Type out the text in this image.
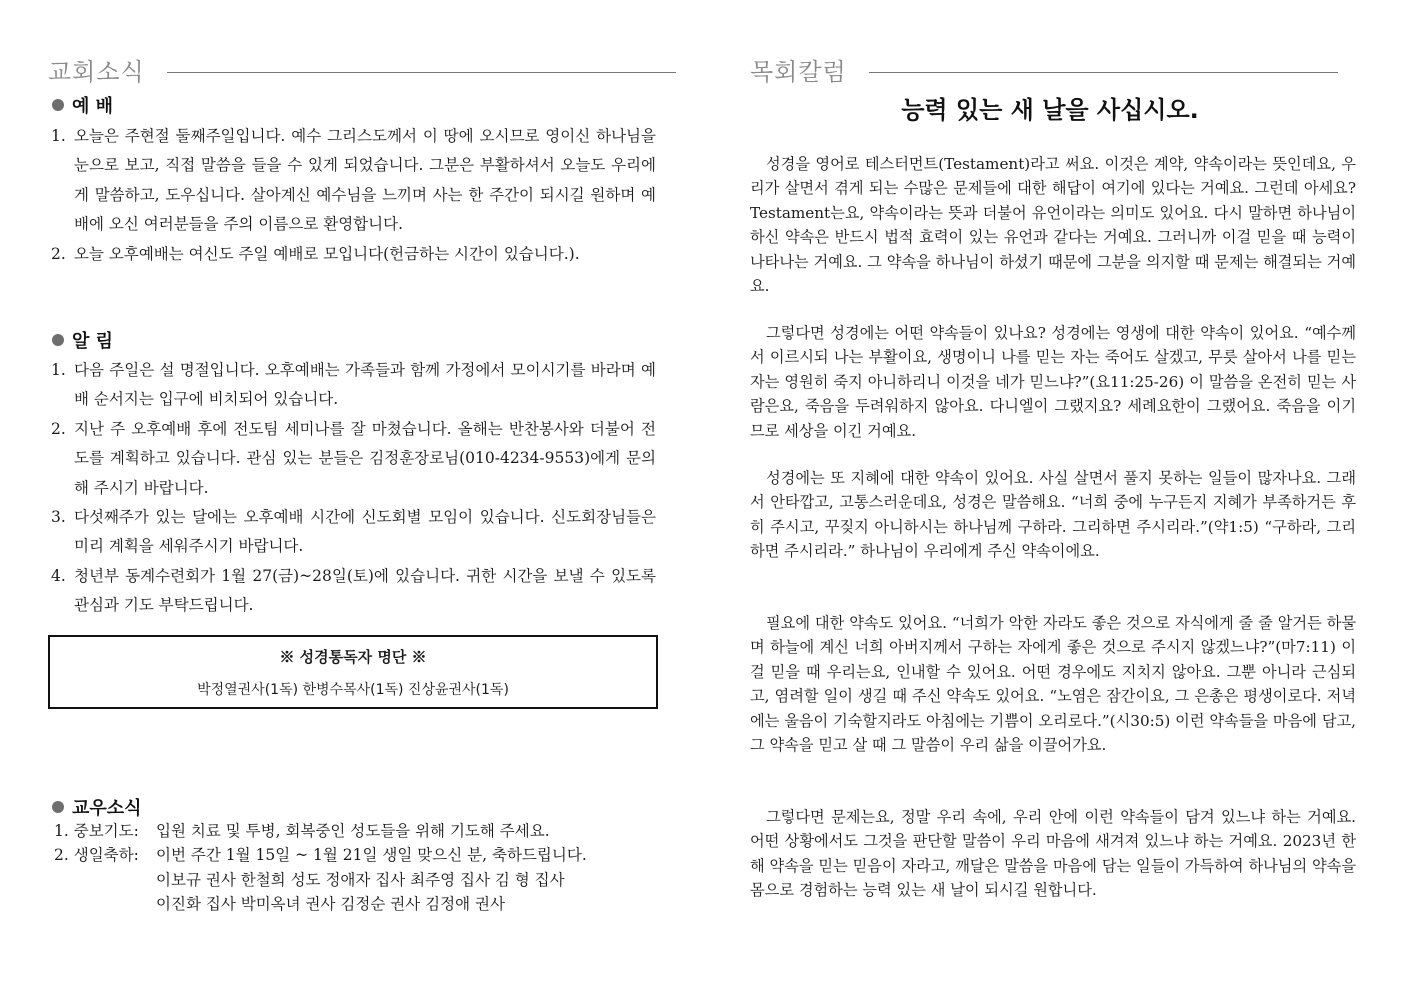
교회소식
예 배
1. 오늘은 주현절 둘째주일입니다. 예수 그리스도께서 이 땅에 오시므로 영이신 하나님을 눈으로 보고, 직접 말씀을 들을 수 있게 되었습니다. 그분은 부활하셔서 오늘도 우리에게 말씀하고, 도우십니다. 살아계신 예수님을 느끼며 사는 한 주간이 되시길 원하며 예배에 오신 여러분들을 주의 이름으로 환영합니다.
2. 오늘 오후예배는 여신도 주일 예배로 모입니다(헌금하는 시간이 있습니다.).
알 림
1. 다음 주일은 설 명절입니다. 오후예배는 가족들과 함께 가정에서 모이시기를 바라며 예배 순서지는 입구에 비치되어 있습니다.
2. 지난 주 오후예배 후에 전도팀 세미나를 잘 마쳤습니다. 올해는 반찬봉사와 더불어 전도를 계획하고 있습니다. 관심 있는 분들은 김정훈장로님(010-4234-9553)에게 문의해 주시기 바랍니다.
3. 다섯째주가 있는 달에는 오후예배 시간에 신도회별 모임이 있습니다. 신도회장님들은 미리 계획을 세워주시기 바랍니다.
4. 청년부 동계수련회가 1월 27(금)~28일(토)에 있습니다. 귀한 시간을 보낼 수 있도록 관심과 기도 부탁드립니다.
※ 성경통독자 명단 ※
박정열권사(1독) 한병수목사(1독) 진상윤권사(1독)
교우소식
1. 중보기도: 입원 치료 및 투병, 회복중인 성도들을 위해 기도해 주세요.
2. 생일축하: 이번 주간 1월 15일 ~ 1월 21일 생일 맞으신 분, 축하드립니다.
이보규 권사 한철희 성도 정애자 집사 최주영 집사 김 형 집사
이진화 집사 박미옥녀 권사 김정순 권사 김정애 권사
목회칼럼
능력 있는 새 날을 사십시오.

성경을 영어로 테스터먼트(Testament)라고 써요. 이것은 계약, 약속이라는 뜻인데요, 우리가 살면서 겪게 되는 수많은 문제들에 대한 해답이 여기에 있다는 거예요. 그런데 아세요? Testament는요, 약속이라는 뜻과 더불어 유언이라는 의미도 있어요. 다시 말하면 하나님이 하신 약속은 반드시 법적 효력이 있는 유언과 같다는 거예요. 그러니까 이걸 믿을 때 능력이 나타나는 거예요. 그 약속을 하나님이 하셨기 때문에 그분을 의지할 때 문제는 해결되는 거예요.

그렇다면 성경에는 어떤 약속들이 있나요? 성경에는 영생에 대한 약속이 있어요. “예수께서 이르시되 나는 부활이요, 생명이니 나를 믿는 자는 죽어도 살겠고, 무릇 살아서 나를 믿는 자는 영원히 죽지 아니하리니 이것을 네가 믿느냐?”(요11:25-26) 이 말씀을 온전히 믿는 사람은요, 죽음을 두려워하지 않아요. 다니엘이 그랬지요? 세례요한이 그랬어요. 죽음을 이기므로 세상을 이긴 거예요.

성경에는 또 지혜에 대한 약속이 있어요. 사실 살면서 풀지 못하는 일들이 많자나요. 그래서 안타깝고, 고통스러운데요, 성경은 말씀해요. “너희 중에 누구든지 지혜가 부족하거든 후히 주시고, 꾸짖지 아니하시는 하나님께 구하라. 그리하면 주시리라.”(약1:5) “구하라, 그리하면 주시리라.” 하나님이 우리에게 주신 약속이에요.

필요에 대한 약속도 있어요. “너희가 악한 자라도 좋은 것으로 자식에게 줄 줄 알거든 하물며 하늘에 계신 너희 아버지께서 구하는 자에게 좋은 것으로 주시지 않겠느냐?”(마7:11) 이걸 믿을 때 우리는요, 인내할 수 있어요. 어떤 경우에도 지치지 않아요. 그뿐 아니라 근심되고, 염려할 일이 생길 때 주신 약속도 있어요. “노염은 잠간이요, 그 은총은 평생이로다. 저녁에는 울음이 기숙할지라도 아침에는 기쁨이 오리로다.”(시30:5) 이런 약속들을 마음에 담고, 그 약속을 믿고 살 때 그 말씀이 우리 삶을 이끌어가요.

그렇다면 문제는요, 정말 우리 속에, 우리 안에 이런 약속들이 담겨 있느냐 하는 거예요. 어떤 상황에서도 그것을 판단할 말씀이 우리 마음에 새겨져 있느냐 하는 거예요. 2023년 한 해 약속을 믿는 믿음이 자라고, 깨달은 말씀을 마음에 담는 일들이 가득하여 하나님의 약속을 몸으로 경험하는 능력 있는 새 날이 되시길 원합니다.
